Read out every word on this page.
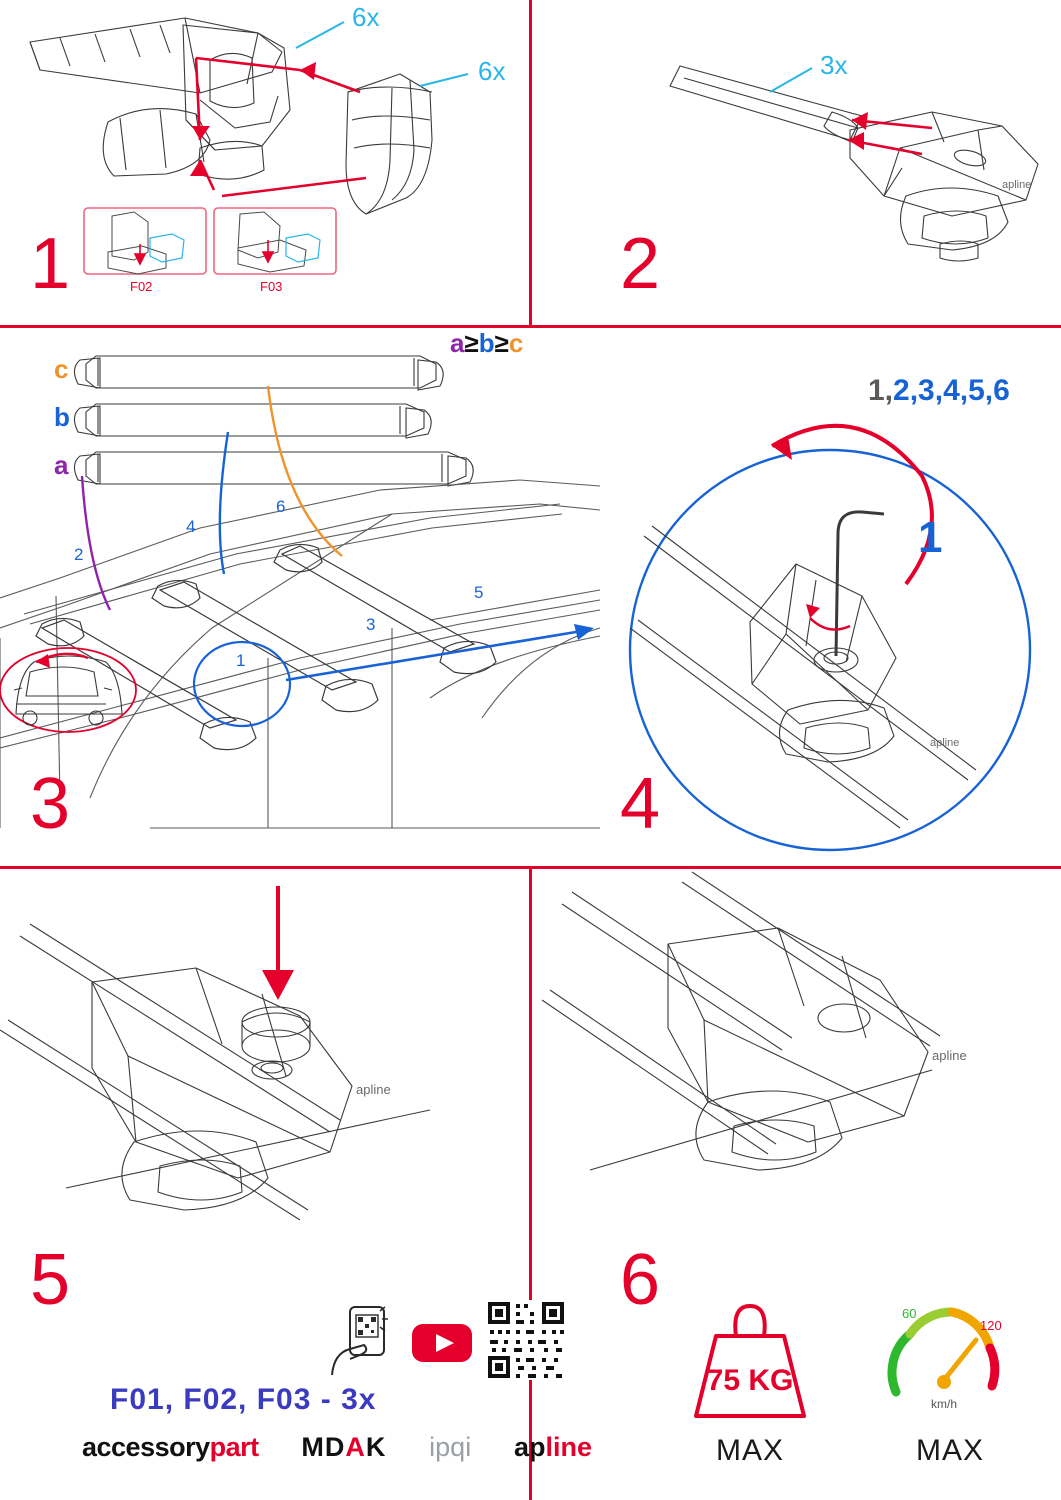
6x
6x
F02	F03
1
3x
apline
2
c
b
a
2
4
6
3
5
1
a≥b≥c
3
1
1,2,3,4,5,6
apline
4
apline
5
F01, F02, F03 - 3x
accessorypart MDAK ipqi apline
apline
6
75 KG
MAX
60
120
km/h
MAX
